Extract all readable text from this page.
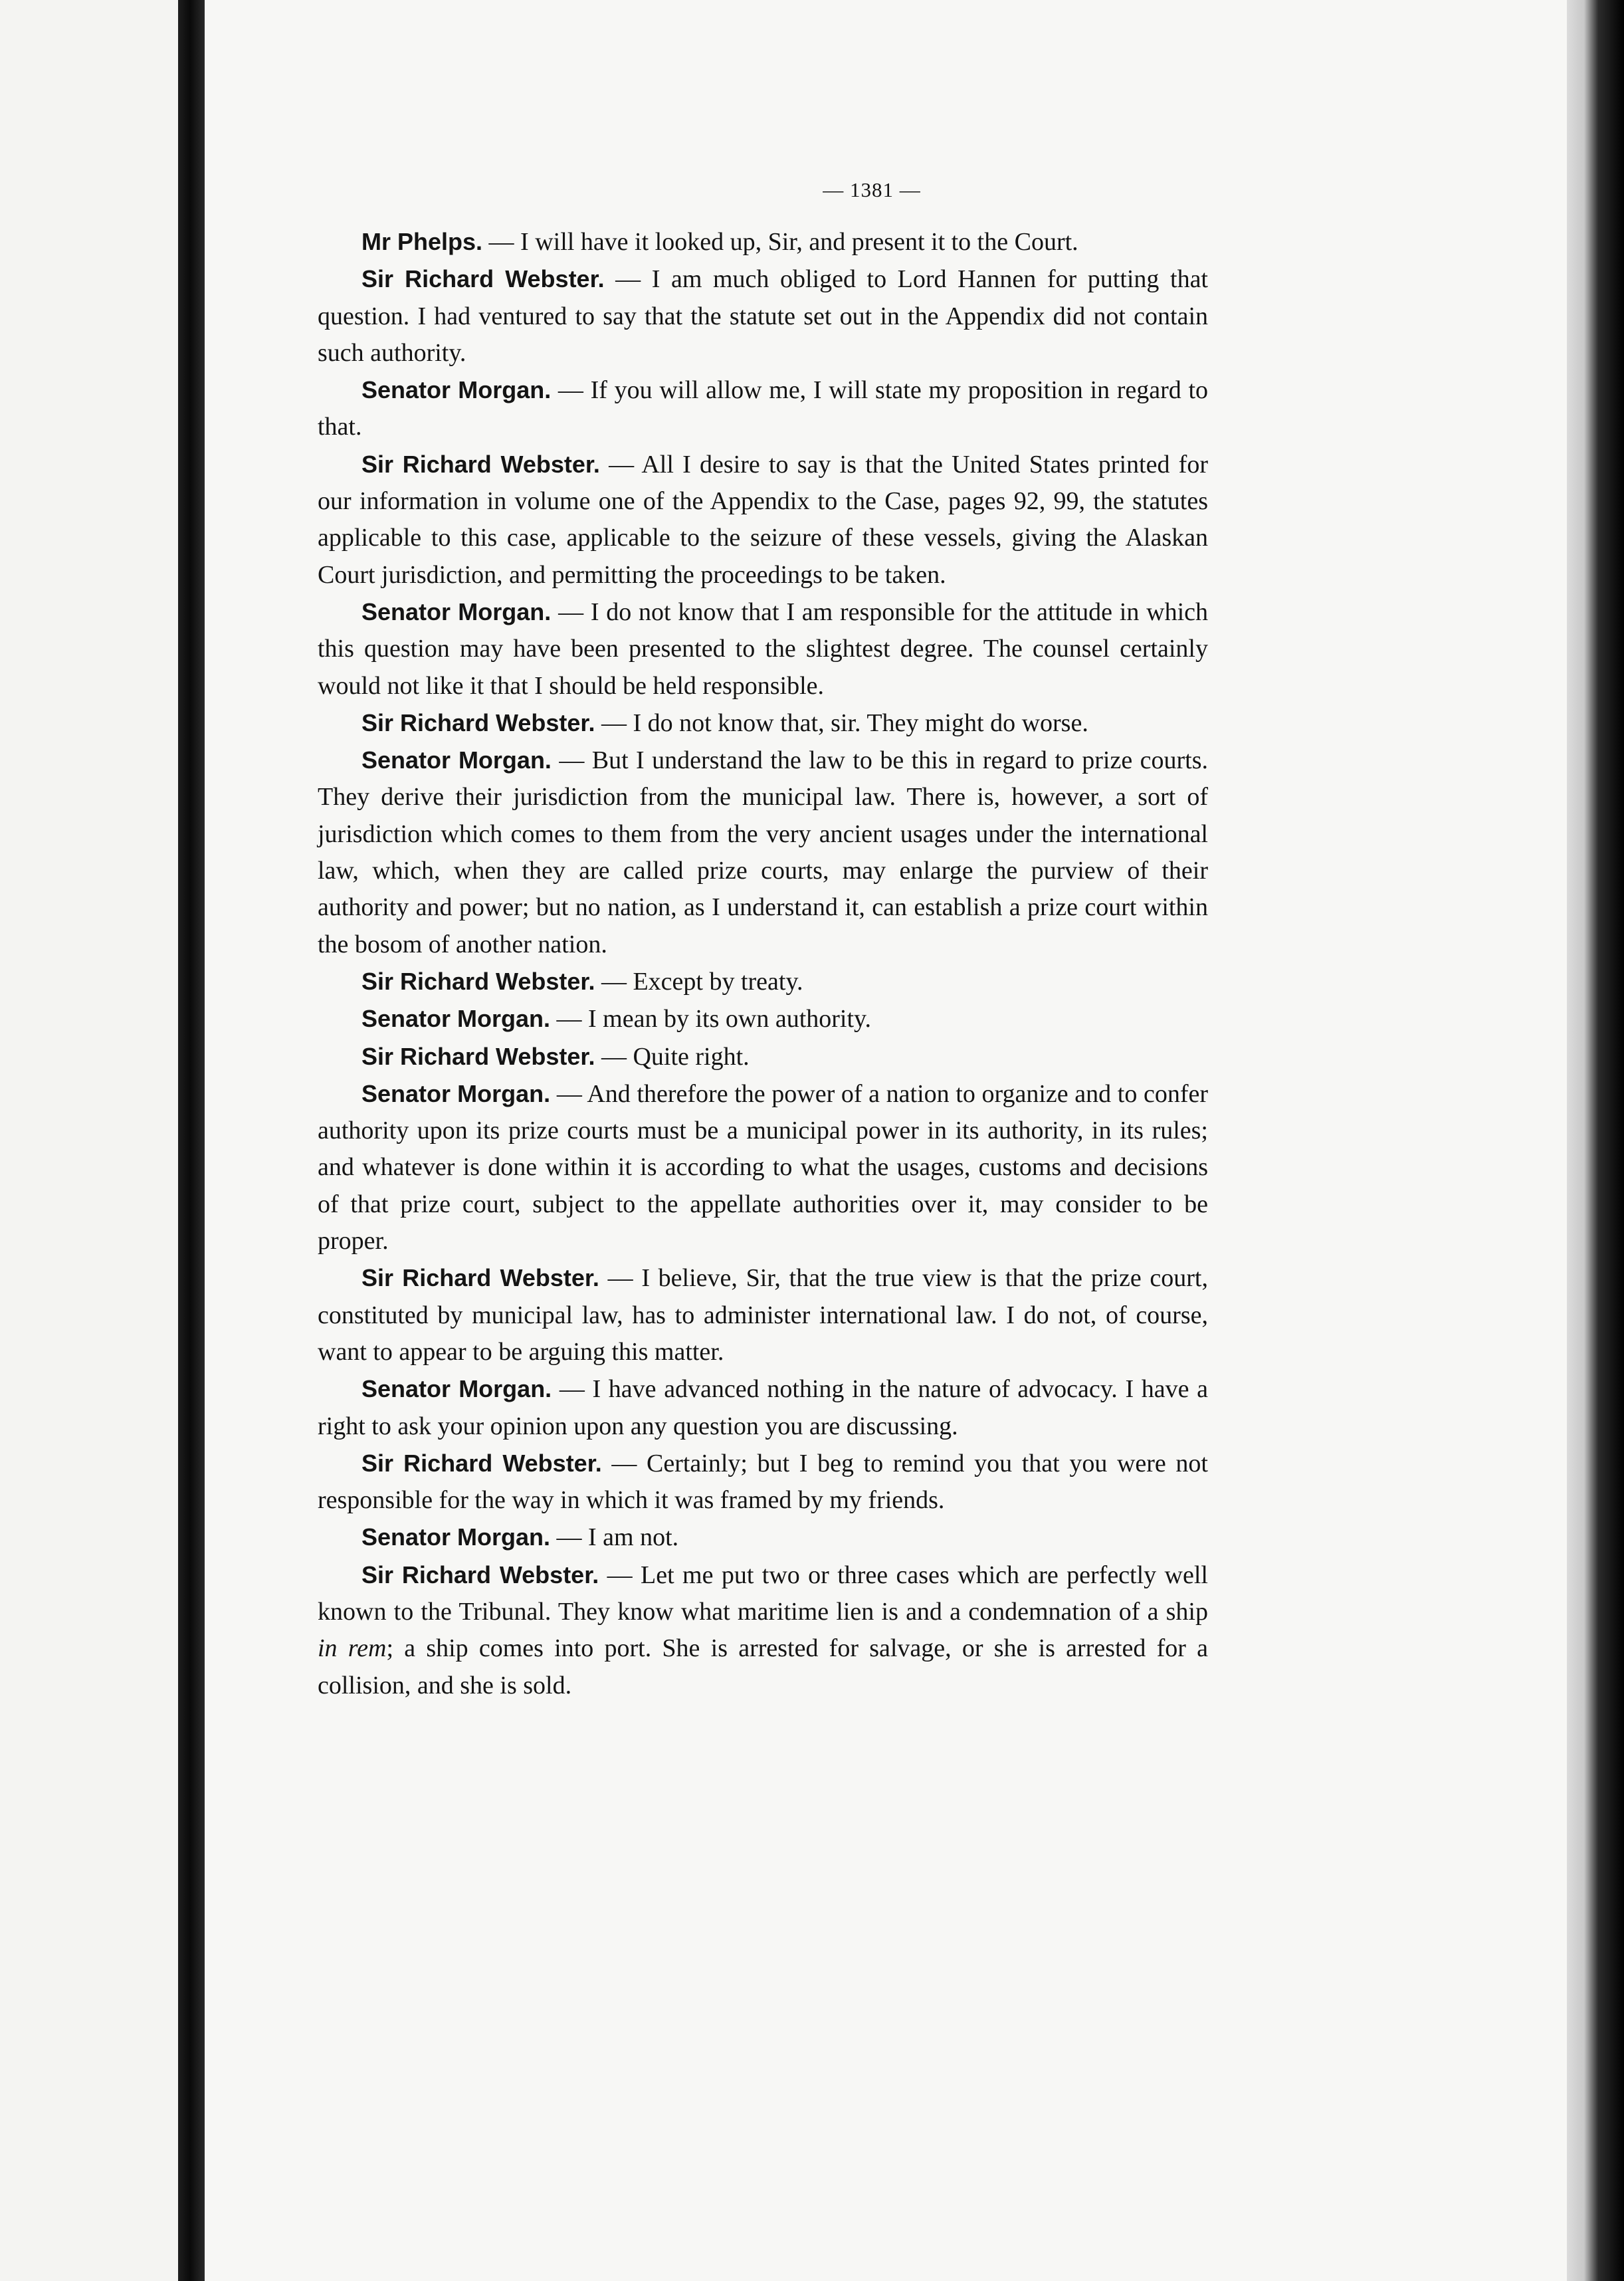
— 1381 —

Mr Phelps. — I will have it looked up, Sir, and present it to the Court.

Sir Richard Webster. — I am much obliged to Lord Hannen for putting that question. I had ventured to say that the statute set out in the Appendix did not contain such authority.

Senator Morgan. — If you will allow me, I will state my proposition in regard to that.

Sir Richard Webster. — All I desire to say is that the United States printed for our information in volume one of the Appendix to the Case, pages 92, 99, the statutes applicable to this case, applicable to the seizure of these vessels, giving the Alaskan Court jurisdiction, and permitting the proceedings to be taken.

Senator Morgan. — I do not know that I am responsible for the attitude in which this question may have been presented to the slightest degree. The counsel certainly would not like it that I should be held responsible.

Sir Richard Webster. — I do not know that, sir. They might do worse.

Senator Morgan. — But I understand the law to be this in regard to prize courts. They derive their jurisdiction from the municipal law. There is, however, a sort of jurisdiction which comes to them from the very ancient usages under the international law, which, when they are called prize courts, may enlarge the purview of their authority and power; but no nation, as I understand it, can establish a prize court within the bosom of another nation.

Sir Richard Webster. — Except by treaty.

Senator Morgan. — I mean by its own authority.

Sir Richard Webster. — Quite right.

Senator Morgan. — And therefore the power of a nation to organize and to confer authority upon its prize courts must be a municipal power in its authority, in its rules; and whatever is done within it is according to what the usages, customs and decisions of that prize court, subject to the appellate authorities over it, may consider to be proper.

Sir Richard Webster. — I believe, Sir, that the true view is that the prize court, constituted by municipal law, has to administer international law. I do not, of course, want to appear to be arguing this matter.

Senator Morgan. — I have advanced nothing in the nature of advocacy. I have a right to ask your opinion upon any question you are discussing.

Sir Richard Webster. — Certainly; but I beg to remind you that you were not responsible for the way in which it was framed by my friends.

Senator Morgan. — I am not.

Sir Richard Webster. — Let me put two or three cases which are perfectly well known to the Tribunal. They know what maritime lien is and a condemnation of a ship in rem; a ship comes into port. She is arrested for salvage, or she is arrested for a collision, and she is sold.
